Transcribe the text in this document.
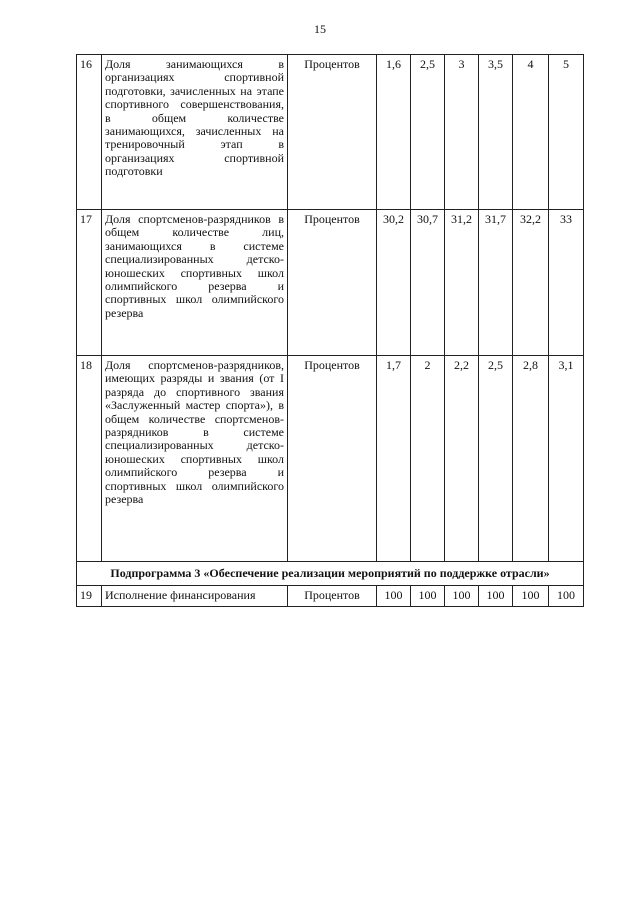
15
16	Доля занимающихся в организациях спортивной подготовки, зачисленных на этапе спортивного совершенствования, в общем количестве занимающихся, зачисленных на тренировочный этап в организациях спортивной подготовки	Процентов	1,6	2,5	3	3,5	4	5
17	Доля спортсменов-разрядников в общем количестве лиц, занимающихся в системе специализированных детско-юношеских спортивных школ олимпийского резерва и спортивных школ олимпийского резерва	Процентов	30,2	30,7	31,2	31,7	32,2	33
18	Доля спортсменов-разрядников, имеющих разряды и звания (от I разряда до спортивного звания «Заслуженный мастер спорта»), в общем количестве спортсменов-разрядников в системе специализированных детско-юношеских спортивных школ олимпийского резерва и спортивных школ олимпийского резерва	Процентов	1,7	2	2,2	2,5	2,8	3,1
Подпрограмма 3 «Обеспечение реализации мероприятий по поддержке отрасли»								
19	Исполнение финансирования	Процентов	100	100	100	100	100	100
